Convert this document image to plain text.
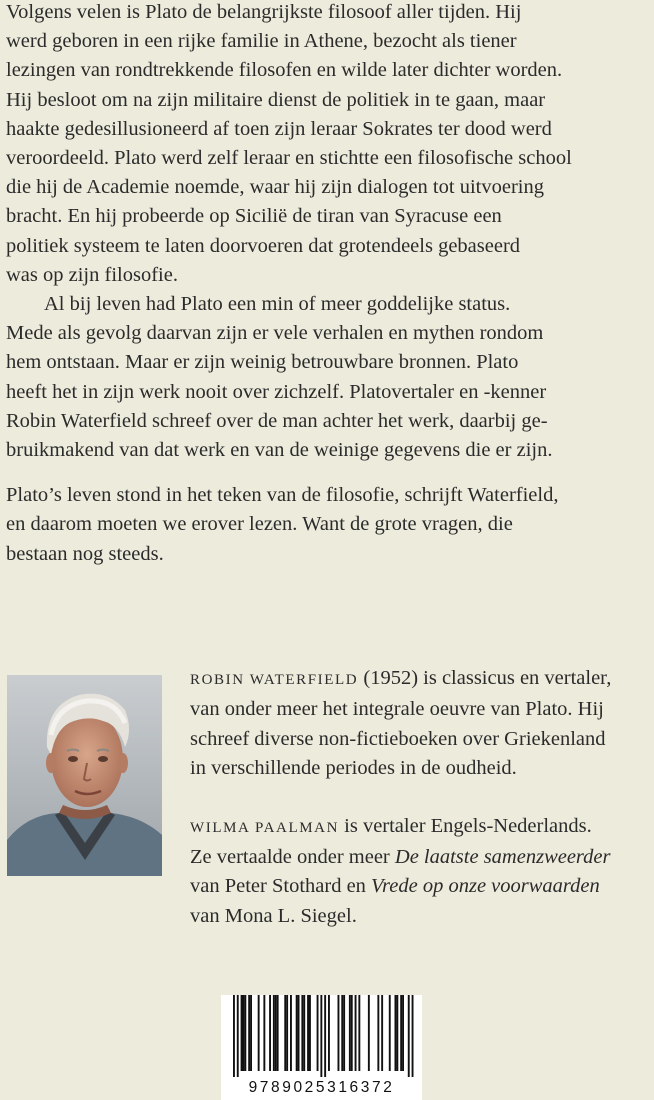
Volgens velen is Plato de belangrijkste filosoof aller tijden. Hij
werd geboren in een rijke familie in Athene, bezocht als tiener
lezingen van rondtrekkende filosofen en wilde later dichter worden.
Hij besloot om na zijn militaire dienst de politiek in te gaan, maar
haakte gedesillusioneerd af toen zijn leraar Sokrates ter dood werd
veroordeeld. Plato werd zelf leraar en stichtte een filosofische school
die hij de Academie noemde, waar hij zijn dialogen tot uitvoering
bracht. En hij probeerde op Sicilië de tiran van Syracuse een
politiek systeem te laten doorvoeren dat grotendeels gebaseerd
was op zijn filosofie.

Al bij leven had Plato een min of meer goddelijke status.
Mede als gevolg daarvan zijn er vele verhalen en mythen rondom
hem ontstaan. Maar er zijn weinig betrouwbare bronnen. Plato
heeft het in zijn werk nooit over zichzelf. Platovertaler en -kenner
Robin Waterfield schreef over de man achter het werk, daarbij ge-
bruikmakend van dat werk en van de weinige gegevens die er zijn.

Plato’s leven stond in het teken van de filosofie, schrijft Waterfield,
en daarom moeten we erover lezen. Want de grote vragen, die
bestaan nog steeds.

ROBIN WATERFIELD (1952) is classicus en vertaler,
van onder meer het integrale oeuvre van Plato. Hij
schreef diverse non-fictieboeken over Griekenland
in verschillende periodes in de oudheid.

WILMA PAALMAN is vertaler Engels-Nederlands.
Ze vertaalde onder meer De laatste samenzweerder
van Peter Stothard en Vrede op onze voorwaarden
van Mona L. Siegel.

9789025316372
